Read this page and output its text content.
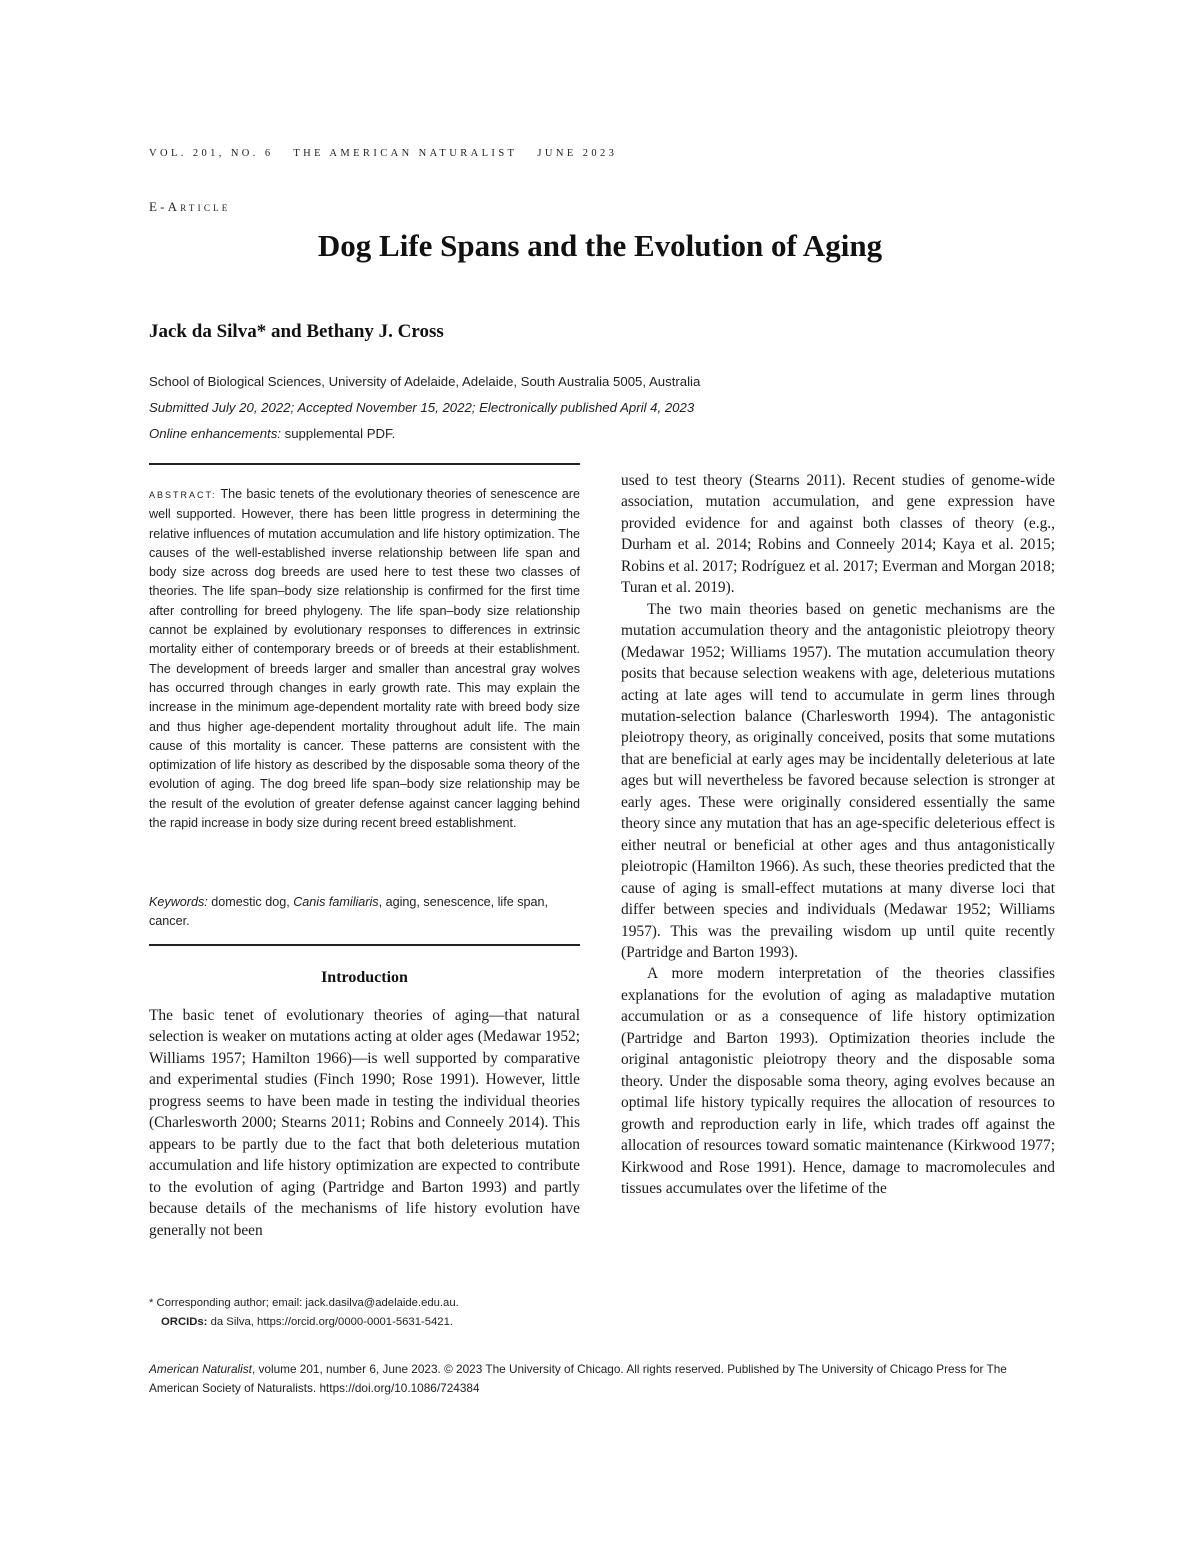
VOL. 201, NO. 6 THE AMERICAN NATURALIST JUNE 2023
E-Article
Dog Life Spans and the Evolution of Aging
Jack da Silva* and Bethany J. Cross
School of Biological Sciences, University of Adelaide, Adelaide, South Australia 5005, Australia
Submitted July 20, 2022; Accepted November 15, 2022; Electronically published April 4, 2023
Online enhancements: supplemental PDF.
ABSTRACT: The basic tenets of the evolutionary theories of senescence are well supported. However, there has been little progress in determining the relative influences of mutation accumulation and life history optimization. The causes of the well-established inverse relationship between life span and body size across dog breeds are used here to test these two classes of theories. The life span–body size relationship is confirmed for the first time after controlling for breed phylogeny. The life span–body size relationship cannot be explained by evolutionary responses to differences in extrinsic mortality either of contemporary breeds or of breeds at their establishment. The development of breeds larger and smaller than ancestral gray wolves has occurred through changes in early growth rate. This may explain the increase in the minimum age-dependent mortality rate with breed body size and thus higher age-dependent mortality throughout adult life. The main cause of this mortality is cancer. These patterns are consistent with the optimization of life history as described by the disposable soma theory of the evolution of aging. The dog breed life span–body size relationship may be the result of the evolution of greater defense against cancer lagging behind the rapid increase in body size during recent breed establishment.
Keywords: domestic dog, Canis familiaris, aging, senescence, life span, cancer.
Introduction

The basic tenet of evolutionary theories of aging—that natural selection is weaker on mutations acting at older ages (Medawar 1952; Williams 1957; Hamilton 1966)—is well supported by comparative and experimental studies (Finch 1990; Rose 1991). However, little progress seems to have been made in testing the individual theories (Charlesworth 2000; Stearns 2011; Robins and Conneely 2014). This appears to be partly due to the fact that both deleterious mutation accumulation and life history optimization are expected to contribute to the evolution of aging (Partridge and Barton 1993) and partly because details of the mechanisms of life history evolution have generally not been

* Corresponding author; email: jack.dasilva@adelaide.edu.au.
ORCIDs: da Silva, https://orcid.org/0000-0001-5631-5421.

used to test theory (Stearns 2011). Recent studies of genome-wide association, mutation accumulation, and gene expression have provided evidence for and against both classes of theory (e.g., Durham et al. 2014; Robins and Conneely 2014; Kaya et al. 2015; Robins et al. 2017; Rodríguez et al. 2017; Everman and Morgan 2018; Turan et al. 2019).

The two main theories based on genetic mechanisms are the mutation accumulation theory and the antagonistic pleiotropy theory (Medawar 1952; Williams 1957). The mutation accumulation theory posits that because selection weakens with age, deleterious mutations acting at late ages will tend to accumulate in germ lines through mutation-selection balance (Charlesworth 1994). The antagonistic pleiotropy theory, as originally conceived, posits that some mutations that are beneficial at early ages may be incidentally deleterious at late ages but will nevertheless be favored because selection is stronger at early ages. These were originally considered essentially the same theory since any mutation that has an age-specific deleterious effect is either neutral or beneficial at other ages and thus antagonistically pleiotropic (Hamilton 1966). As such, these theories predicted that the cause of aging is small-effect mutations at many diverse loci that differ between species and individuals (Medawar 1952; Williams 1957). This was the prevailing wisdom up until quite recently (Partridge and Barton 1993).

A more modern interpretation of the theories classifies explanations for the evolution of aging as maladaptive mutation accumulation or as a consequence of life history optimization (Partridge and Barton 1993). Optimization theories include the original antagonistic pleiotropy theory and the disposable soma theory. Under the disposable soma theory, aging evolves because an optimal life history typically requires the allocation of resources to growth and reproduction early in life, which trades off against the allocation of resources toward somatic maintenance (Kirkwood 1977; Kirkwood and Rose 1991). Hence, damage to macromolecules and tissues accumulates over the lifetime of the

American Naturalist, volume 201, number 6, June 2023. © 2023 The University of Chicago. All rights reserved. Published by The University of Chicago Press for The American Society of Naturalists. https://doi.org/10.1086/724384
